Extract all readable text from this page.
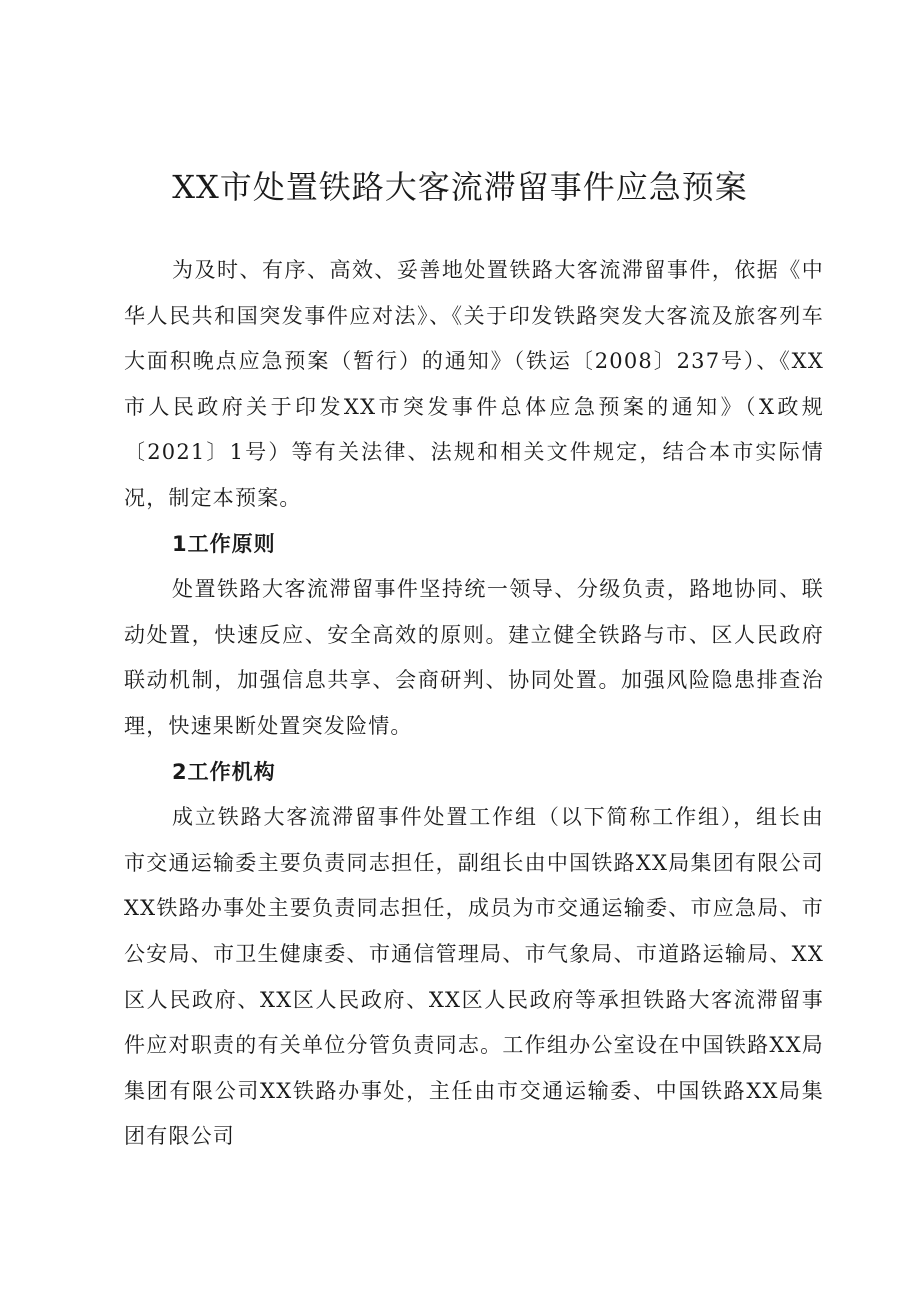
XX市处置铁路大客流滞留事件应急预案

为及时、有序、高效、妥善地处置铁路大客流滞留事件，依据《中华人民共和国突发事件应对法》、《关于印发铁路突发大客流及旅客列车大面积晚点应急预案（暂行）的通知》（铁运〔2008〕237号）、《XX市人民政府关于印发XX市突发事件总体应急预案的通知》（X政规〔2021〕1号）等有关法律、法规和相关文件规定，结合本市实际情况，制定本预案。

1工作原则

处置铁路大客流滞留事件坚持统一领导、分级负责，路地协同、联动处置，快速反应、安全高效的原则。建立健全铁路与市、区人民政府联动机制，加强信息共享、会商研判、协同处置。加强风险隐患排查治理，快速果断处置突发险情。

2工作机构

成立铁路大客流滞留事件处置工作组（以下简称工作组），组长由市交通运输委主要负责同志担任，副组长由中国铁路XX局集团有限公司XX铁路办事处主要负责同志担任，成员为市交通运输委、市应急局、市公安局、市卫生健康委、市通信管理局、市气象局、市道路运输局、XX区人民政府、XX区人民政府、XX区人民政府等承担铁路大客流滞留事件应对职责的有关单位分管负责同志。工作组办公室设在中国铁路XX局集团有限公司XX铁路办事处，主任由市交通运输委、中国铁路XX局集团有限公司
